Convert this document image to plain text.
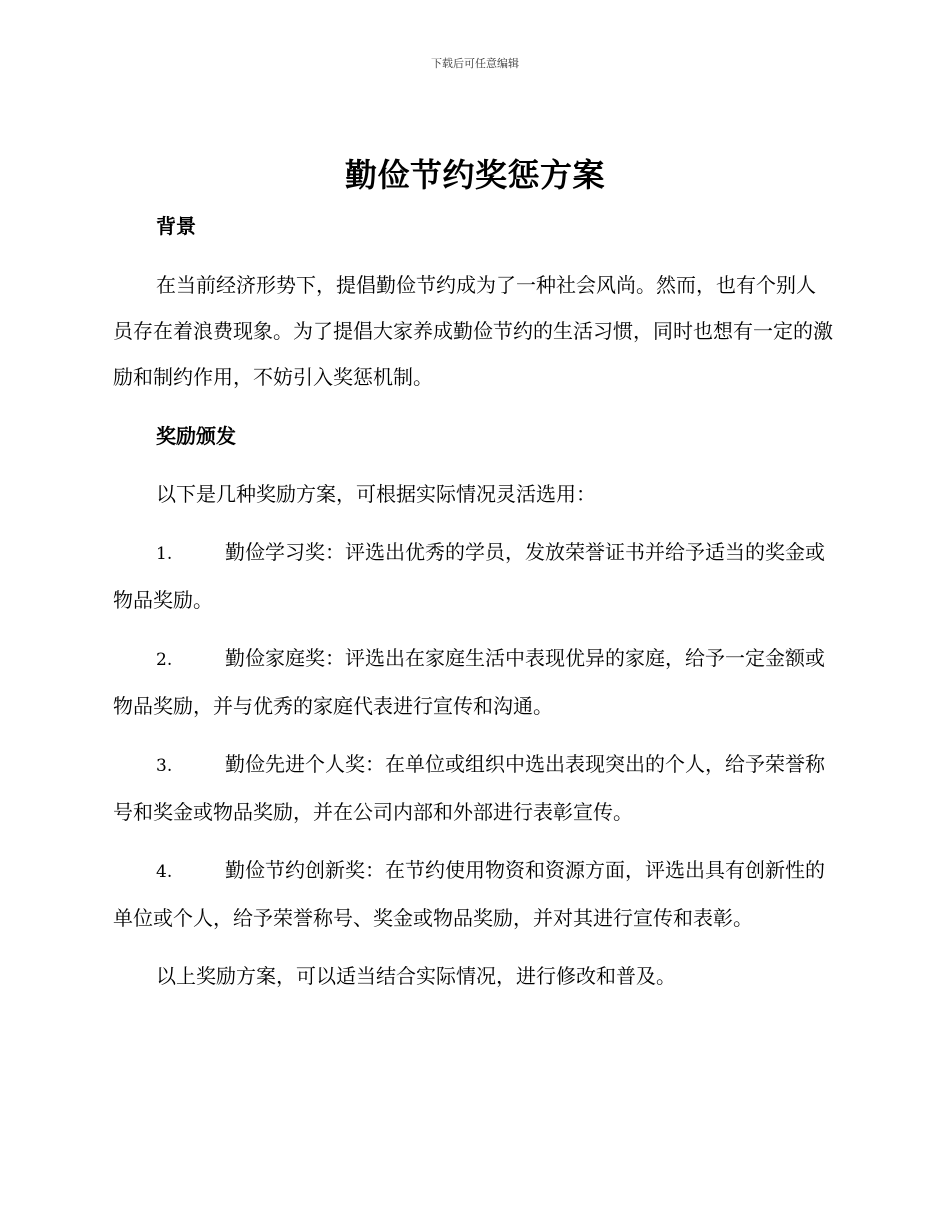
下载后可任意编辑
勤俭节约奖惩方案

背景

在当前经济形势下，提倡勤俭节约成为了一种社会风尚。然而，也有个别人员存在着浪费现象。为了提倡大家养成勤俭节约的生活习惯，同时也想有一定的激励和制约作用，不妨引入奖惩机制。

奖励颁发

以下是几种奖励方案，可根据实际情况灵活选用：

1.	勤俭学习奖：评选出优秀的学员，发放荣誉证书并给予适当的奖金或物品奖励。

2.	勤俭家庭奖：评选出在家庭生活中表现优异的家庭，给予一定金额或物品奖励，并与优秀的家庭代表进行宣传和沟通。

3.	勤俭先进个人奖：在单位或组织中选出表现突出的个人，给予荣誉称号和奖金或物品奖励，并在公司内部和外部进行表彰宣传。

4.	勤俭节约创新奖：在节约使用物资和资源方面，评选出具有创新性的单位或个人，给予荣誉称号、奖金或物品奖励，并对其进行宣传和表彰。

以上奖励方案，可以适当结合实际情况，进行修改和普及。
